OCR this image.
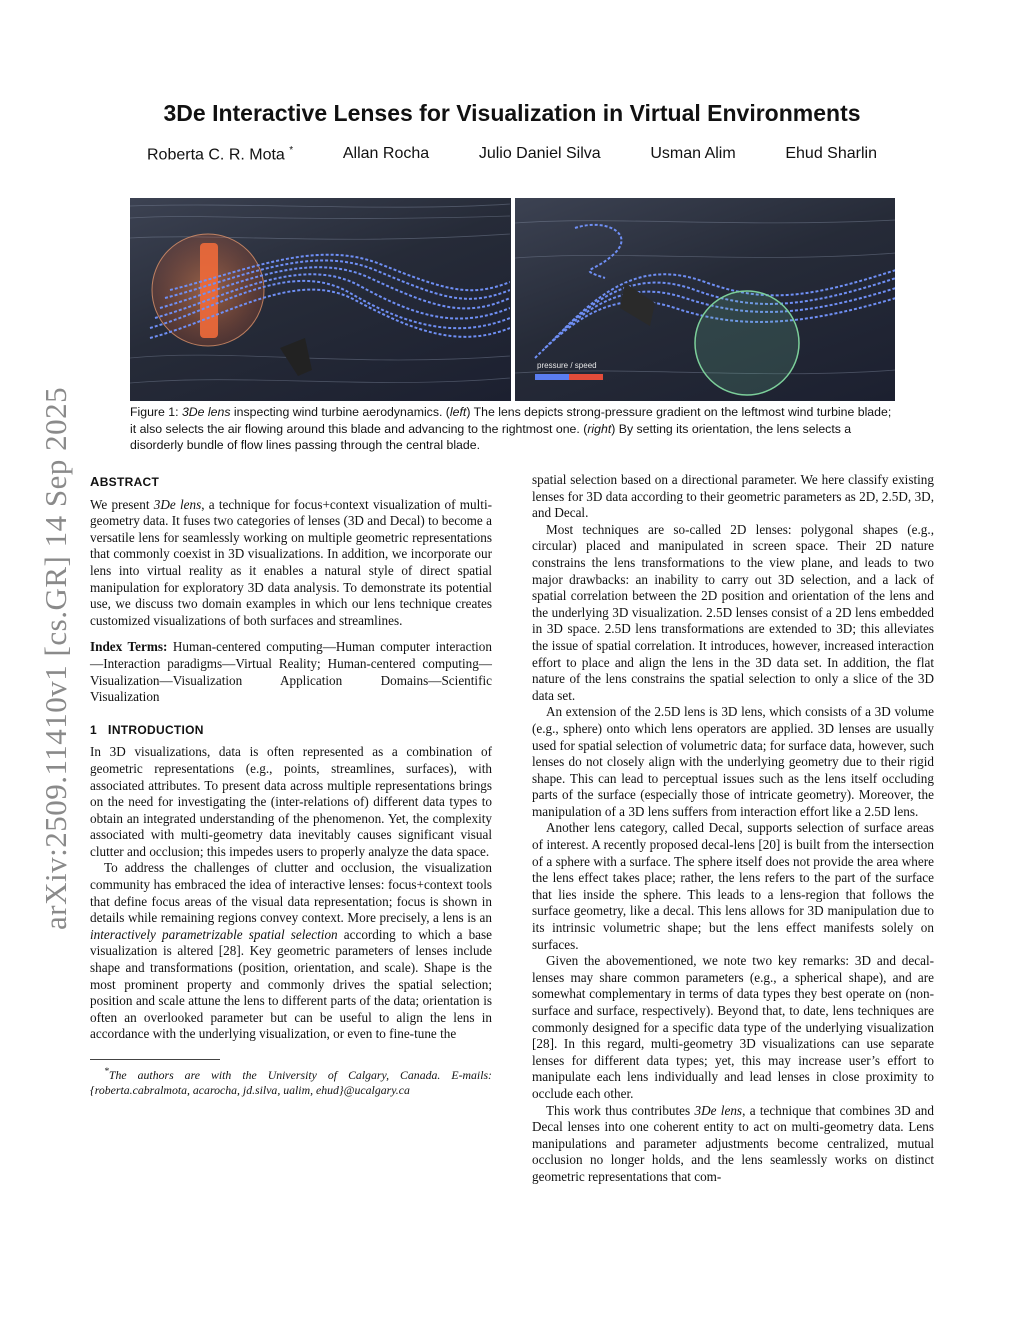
arXiv:2509.11410v1 [cs.GR] 14 Sep 2025
3De Interactive Lenses for Visualization in Virtual Environments
Roberta C. R. Mota *	Allan Rocha	Julio Daniel Silva	Usman Alim	Ehud Sharlin
pressure / speed
Figure 1: 3De lens inspecting wind turbine aerodynamics. (left) The lens depicts strong-pressure gradient on the leftmost wind turbine blade; it also selects the air flowing around this blade and advancing to the rightmost one. (right) By setting its orientation, the lens selects a disorderly bundle of flow lines passing through the central blade.
ABSTRACT

We present 3De lens, a technique for focus+context visualization of multi-geometry data. It fuses two categories of lenses (3D and Decal) to become a versatile lens for seamlessly working on multiple geometric representations that commonly coexist in 3D visualizations. In addition, we incorporate our lens into virtual reality as it enables a natural style of direct spatial manipulation for exploratory 3D data analysis. To demonstrate its potential use, we discuss two domain examples in which our lens technique creates customized visualizations of both surfaces and streamlines.

Index Terms: Human-centered computing—Human computer interaction—Interaction paradigms—Virtual Reality; Human-centered computing—Visualization—Visualization Application Domains—Scientific Visualization

1 INTRODUCTION

In 3D visualizations, data is often represented as a combination of geometric representations (e.g., points, streamlines, surfaces), with associated attributes. To present data across multiple representations brings on the need for investigating the (inter-relations of) different data types to obtain an integrated understanding of the phenomenon. Yet, the complexity associated with multi-geometry data inevitably causes significant visual clutter and occlusion; this impedes users to properly analyze the data space.

To address the challenges of clutter and occlusion, the visualization community has embraced the idea of interactive lenses: focus+context tools that define focus areas of the visual data representation; focus is shown in details while remaining regions convey context. More precisely, a lens is an interactively parametrizable spatial selection according to which a base visualization is altered [28]. Key geometric parameters of lenses include shape and transformations (position, orientation, and scale). Shape is the most prominent property and commonly drives the spatial selection; position and scale attune the lens to different parts of the data; orientation is often an overlooked parameter but can be useful to align the lens in accordance with the underlying visualization, or even to fine-tune the

*The authors are with the University of Calgary, Canada. E-mails: {roberta.cabralmota, acarocha, jd.silva, ualim, ehud}@ucalgary.ca

spatial selection based on a directional parameter. We here classify existing lenses for 3D data according to their geometric parameters as 2D, 2.5D, 3D, and Decal.

Most techniques are so-called 2D lenses: polygonal shapes (e.g., circular) placed and manipulated in screen space. Their 2D nature constrains the lens transformations to the view plane, and leads to two major drawbacks: an inability to carry out 3D selection, and a lack of spatial correlation between the 2D position and orientation of the lens and the underlying 3D visualization. 2.5D lenses consist of a 2D lens embedded in 3D space. 2.5D lens transformations are extended to 3D; this alleviates the issue of spatial correlation. It introduces, however, increased interaction effort to place and align the lens in the 3D data set. In addition, the flat nature of the lens constrains the spatial selection to only a slice of the 3D data set.

An extension of the 2.5D lens is 3D lens, which consists of a 3D volume (e.g., sphere) onto which lens operators are applied. 3D lenses are usually used for spatial selection of volumetric data; for surface data, however, such lenses do not closely align with the underlying geometry due to their rigid shape. This can lead to perceptual issues such as the lens itself occluding parts of the surface (especially those of intricate geometry). Moreover, the manipulation of a 3D lens suffers from interaction effort like a 2.5D lens.

Another lens category, called Decal, supports selection of surface areas of interest. A recently proposed decal-lens [20] is built from the intersection of a sphere with a surface. The sphere itself does not provide the area where the lens effect takes place; rather, the lens refers to the part of the surface that lies inside the sphere. This leads to a lens-region that follows the surface geometry, like a decal. This lens allows for 3D manipulation due to its intrinsic volumetric shape; but the lens effect manifests solely on surfaces.

Given the abovementioned, we note two key remarks: 3D and decal-lenses may share common parameters (e.g., a spherical shape), and are somewhat complementary in terms of data types they best operate on (non-surface and surface, respectively). Beyond that, to date, lens techniques are commonly designed for a specific data type of the underlying visualization [28]. In this regard, multi-geometry 3D visualizations can use separate lenses for different data types; yet, this may increase user’s effort to manipulate each lens individually and lead lenses in close proximity to occlude each other.

This work thus contributes 3De lens, a technique that combines 3D and Decal lenses into one coherent entity to act on multi-geometry data. Lens manipulations and parameter adjustments become centralized, mutual occlusion no longer holds, and the lens seamlessly works on distinct geometric representations that com-
